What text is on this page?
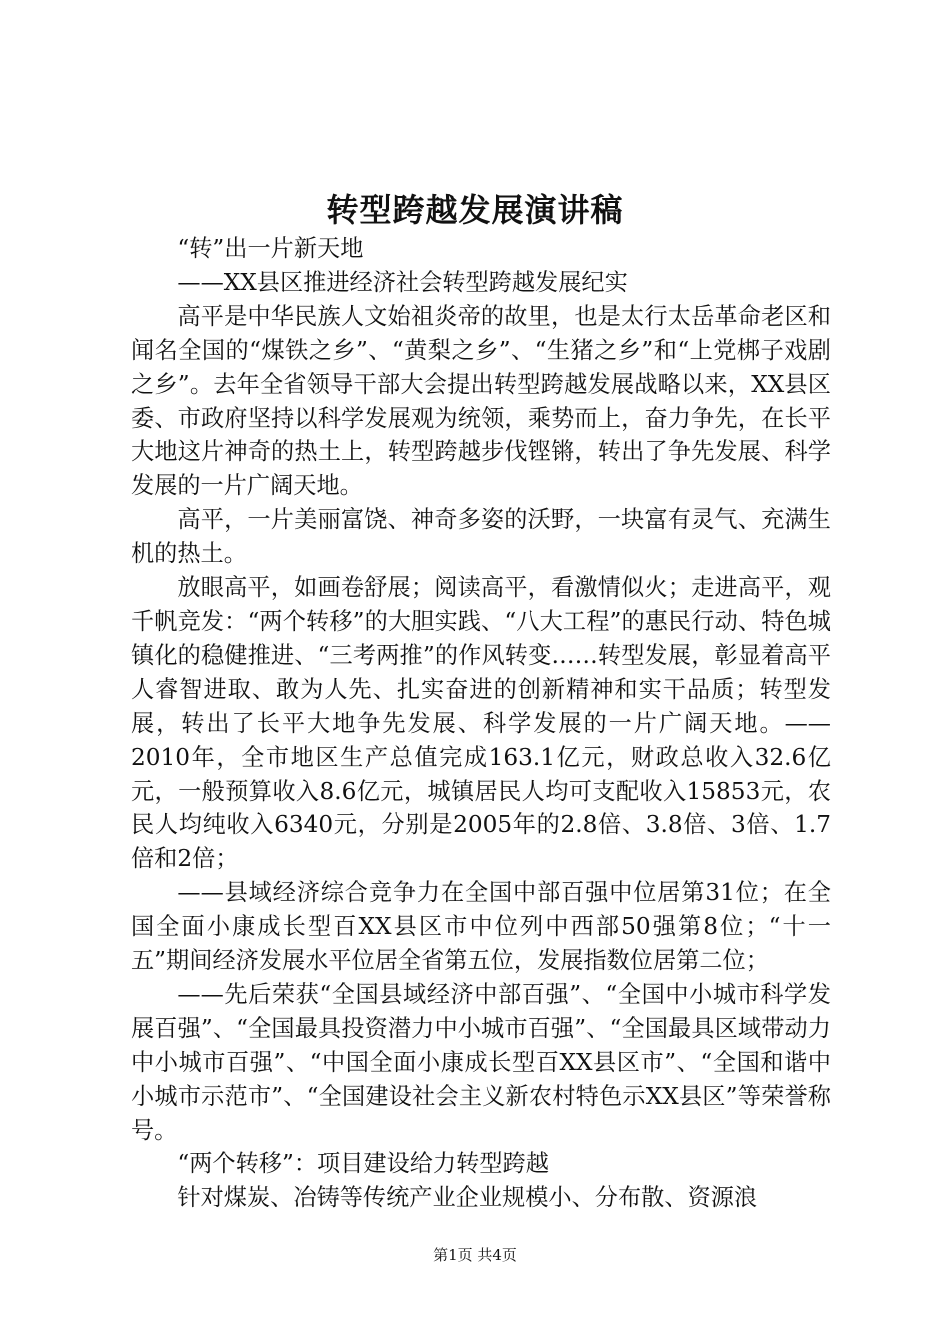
转型跨越发展演讲稿

“转”出一片新天地

——XX县区推进经济社会转型跨越发展纪实

高平是中华民族人文始祖炎帝的故里，也是太行太岳革命老区和闻名全国的“煤铁之乡”、“黄梨之乡”、“生猪之乡”和“上党梆子戏剧之乡”。去年全省领导干部大会提出转型跨越发展战略以来，XX县区委、市政府坚持以科学发展观为统领，乘势而上，奋力争先，在长平大地这片神奇的热土上，转型跨越步伐铿锵，转出了争先发展、科学发展的一片广阔天地。

高平，一片美丽富饶、神奇多姿的沃野，一块富有灵气、充满生机的热土。

放眼高平，如画卷舒展；阅读高平，看激情似火；走进高平，观千帆竞发：“两个转移”的大胆实践、“八大工程”的惠民行动、特色城镇化的稳健推进、“三考两推”的作风转变……转型发展，彰显着高平人睿智进取、敢为人先、扎实奋进的创新精神和实干品质；转型发展，转出了长平大地争先发展、科学发展的一片广阔天地。——2010年，全市地区生产总值完成163.1亿元，财政总收入32.6亿元，一般预算收入8.6亿元，城镇居民人均可支配收入15853元，农民人均纯收入6340元，分别是2005年的2.8倍、3.8倍、3倍、1.7倍和2倍；

——县域经济综合竞争力在全国中部百强中位居第31位；在全国全面小康成长型百XX县区市中位列中西部50强第8位；“十一五”期间经济发展水平位居全省第五位，发展指数位居第二位；

——先后荣获“全国县域经济中部百强”、“全国中小城市科学发展百强”、“全国最具投资潜力中小城市百强”、“全国最具区域带动力中小城市百强”、“中国全面小康成长型百XX县区市”、“全国和谐中小城市示范市”、“全国建设社会主义新农村特色示XX县区”等荣誉称号。

“两个转移”：项目建设给力转型跨越

针对煤炭、冶铸等传统产业企业规模小、分布散、资源浪

第1页 共4页
